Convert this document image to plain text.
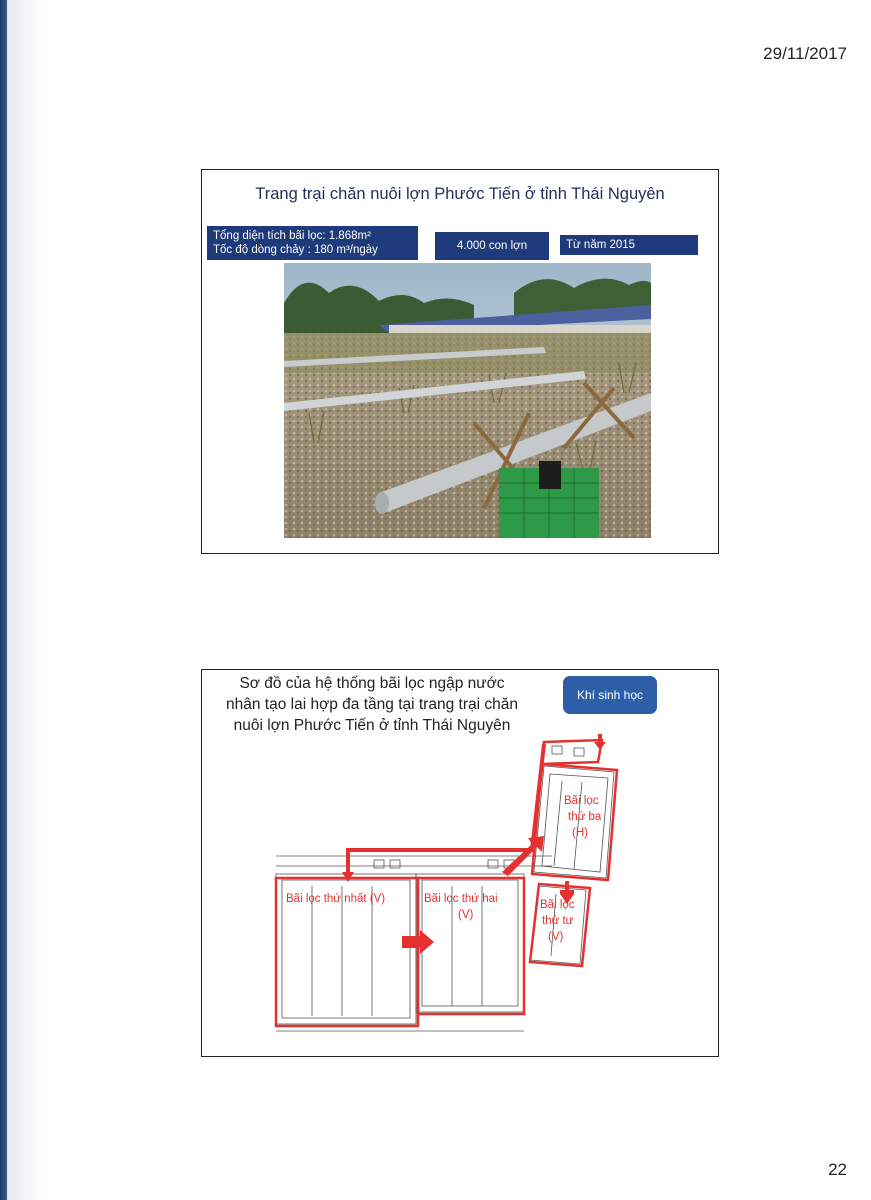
29/11/2017
Trang trại chăn nuôi lợn Phước Tiến ở tỉnh Thái Nguyên
Tổng diện tích bãi lọc: 1.868m²
Tốc độ dòng chảy : 180 m³/ngày	4.000 con lợn	Từ năm 2015
Sơ đồ của hệ thống bãi lọc ngập nước
nhân tạo lai hợp đa tầng tại trang trại chăn
nuôi lợn Phước Tiến ở tỉnh Thái Nguyên
Khí sinh học
Bãi lọc thứ nhất (V)	Bãi lọc thứ hai
(V)
Bãi lọc
thứ ba
(H)
Bãi lọc
thứ tư
(V)
22
